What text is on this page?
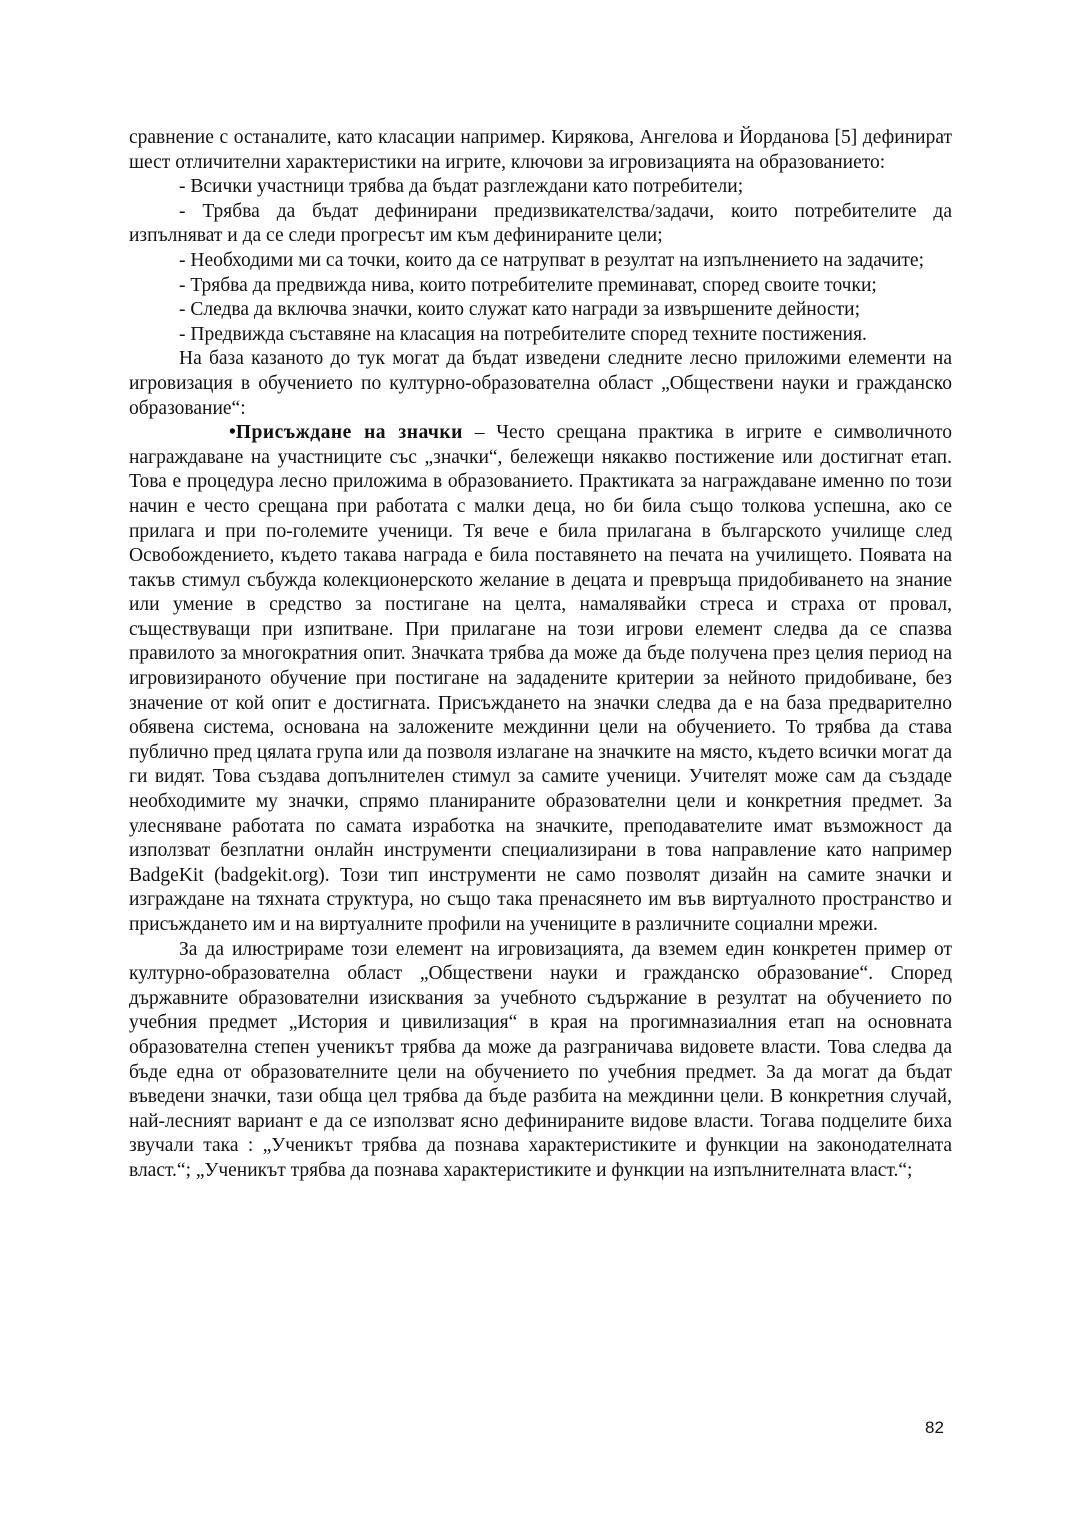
сравнение с останалите, като класации например. Кирякова, Ангелова и Йорданова [5] дефинират шест отличителни характеристики на игрите, ключови за игровизацията на образованието:

- Всички участници трябва да бъдат разглеждани като потребители;

- Трябва да бъдат дефинирани предизвикателства/задачи, които потребителите да изпълняват и да се следи прогресът им към дефинираните цели;

- Необходими ми са точки, които да се натрупват в резултат на изпълнението на задачите;

- Трябва да предвижда нива, които потребителите преминават, според своите точки;

- Следва да включва значки, които служат като награди за извършените дейности;

- Предвижда съставяне на класация на потребителите според техните постижения.

На база казаното до тук могат да бъдат изведени следните лесно приложими елементи на игровизация в обучението по културно-образователна област „Обществени науки и гражданско образование“:

•Присъждане на значки – Често срещана практика в игрите е символичното награждаване на участниците със „значки“, бележещи някакво постижение или достигнат етап. Това е процедура лесно приложима в образованието. Практиката за награждаване именно по този начин е често срещана при работата с малки деца, но би била също толкова успешна, ако се прилага и при по-големите ученици. Тя вече е била прилагана в българското училище след Освобождението, където такава награда е била поставянето на печата на училището. Появата на такъв стимул събужда колекционерското желание в децата и превръща придобиването на знание или умение в средство за постигане на целта, намалявайки стреса и страха от провал, съществуващи при изпитване. При прилагане на този игрови елемент следва да се спазва правилото за многократния опит. Значката трябва да може да бъде получена през целия период на игровизираното обучение при постигане на зададените критерии за нейното придобиване, без значение от кой опит е достигната. Присъждането на значки следва да е на база предварително обявена система, основана на заложените междинни цели на обучението. То трябва да става публично пред цялата група или да позволя излагане на значките на място, където всички могат да ги видят. Това създава допълнителен стимул за самите ученици. Учителят може сам да създаде необходимите му значки, спрямо планираните образователни цели и конкретния предмет. За улесняване работата по самата изработка на значките, преподавателите имат възможност да използват безплатни онлайн инструменти специализирани в това направление като например BadgeKit (badgekit.org). Този тип инструменти не само позволят дизайн на самите значки и изграждане на тяхната структура, но също така пренасянето им във виртуалното пространство и присъждането им и на виртуалните профили на учениците в различните социални мрежи.

За да илюстрираме този елемент на игровизацията, да вземем един конкретен пример от културно-образователна област „Обществени науки и гражданско образование“. Според държавните образователни изисквания за учебното съдържание в резултат на обучението по учебния предмет „История и цивилизация“ в края на прогимназиалния етап на основната образователна степен ученикът трябва да може да разграничава видовете власти. Това следва да бъде една от образователните цели на обучението по учебния предмет. За да могат да бъдат въведени значки, тази обща цел трябва да бъде разбита на междинни цели. В конкретния случай, най-лесният вариант е да се използват ясно дефинираните видове власти. Тогава подцелите биха звучали така : „Ученикът трябва да познава характеристиките и функции на законодателната власт.“; „Ученикът трябва да познава характеристиките и функции на изпълнителната власт.“;

82
